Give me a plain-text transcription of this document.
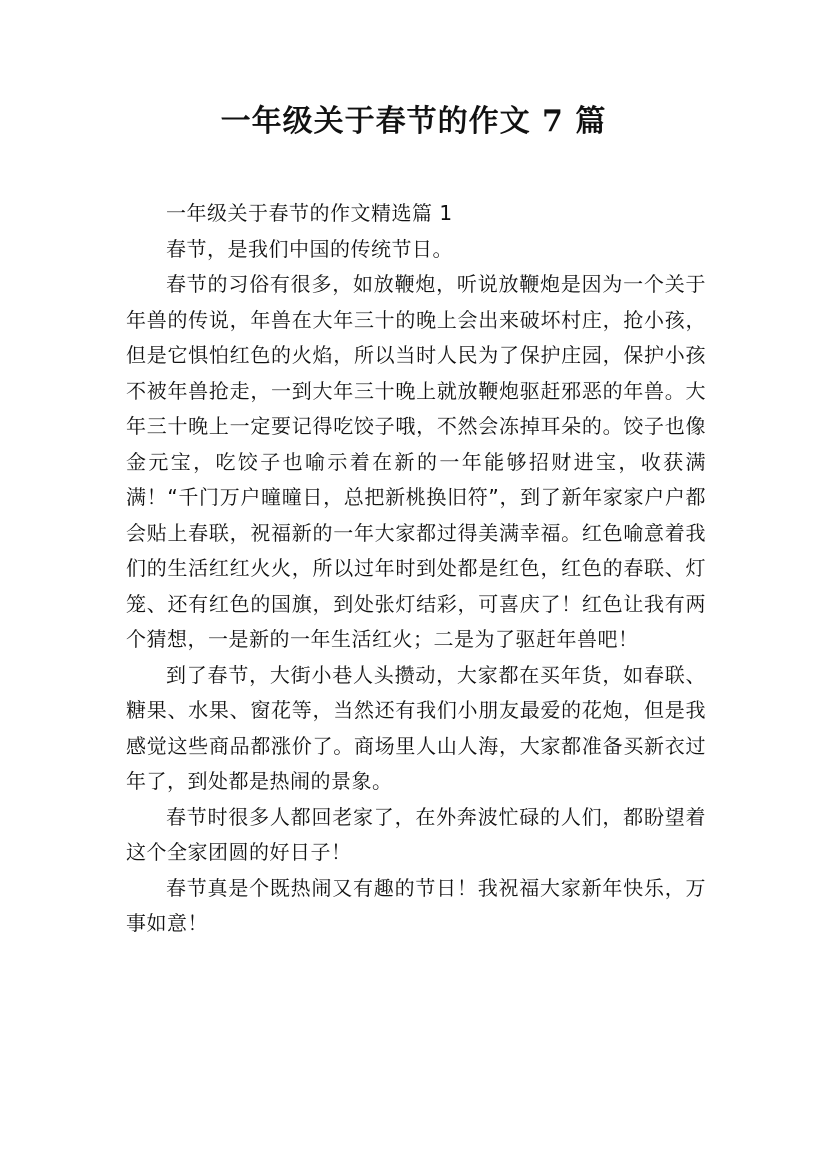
一年级关于春节的作文 7 篇

一年级关于春节的作文精选篇 1

春节，是我们中国的传统节日。

春节的习俗有很多，如放鞭炮，听说放鞭炮是因为一个关于年兽的传说，年兽在大年三十的晚上会出来破坏村庄，抢小孩，但是它惧怕红色的火焰，所以当时人民为了保护庄园，保护小孩不被年兽抢走，一到大年三十晚上就放鞭炮驱赶邪恶的年兽。大年三十晚上一定要记得吃饺子哦，不然会冻掉耳朵的。饺子也像金元宝，吃饺子也喻示着在新的一年能够招财进宝，收获满满！“千门万户曈曈日，总把新桃换旧符”，到了新年家家户户都会贴上春联，祝福新的一年大家都过得美满幸福。红色喻意着我们的生活红红火火，所以过年时到处都是红色，红色的春联、灯笼、还有红色的国旗，到处张灯结彩，可喜庆了！红色让我有两个猜想，一是新的一年生活红火；二是为了驱赶年兽吧！

到了春节，大街小巷人头攒动，大家都在买年货，如春联、糖果、水果、窗花等，当然还有我们小朋友最爱的花炮，但是我感觉这些商品都涨价了。商场里人山人海，大家都准备买新衣过年了，到处都是热闹的景象。

春节时很多人都回老家了，在外奔波忙碌的人们，都盼望着这个全家团圆的好日子！

春节真是个既热闹又有趣的节日！我祝福大家新年快乐，万事如意！
